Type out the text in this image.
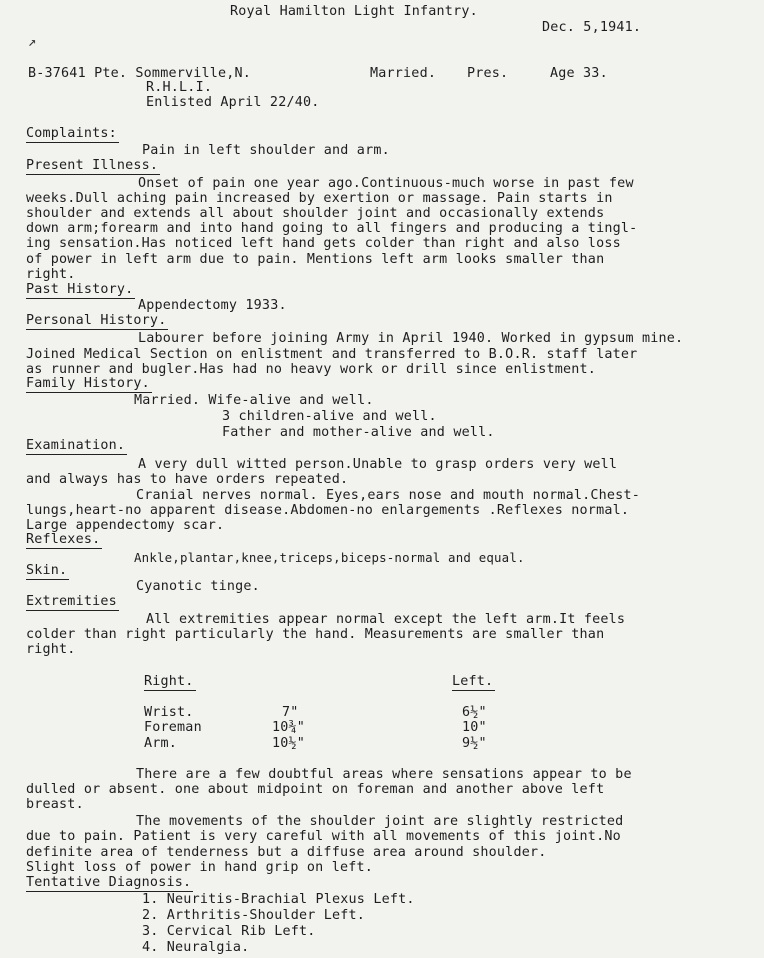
Royal Hamilton Light Infantry.
Dec. 5,1941.
↗
B-37641 Pte. Sommerville,N.	Married. Pres.	Age 33.
R.H.L.I.
Enlisted April 22/40.
Complaints:
Pain in left shoulder and arm.
Present Illness.
Onset of pain one year ago.Continuous-much worse in past few
weeks.Dull aching pain increased by exertion or massage. Pain starts in
shoulder and extends all about shoulder joint and occasionally extends
down arm;forearm and into hand going to all fingers and producing a tingl-
ing sensation.Has noticed left hand gets colder than right and also loss
of power in left arm due to pain. Mentions left arm looks smaller than
right.
Past History.
Appendectomy 1933.
Personal History.
Labourer before joining Army in April 1940. Worked in gypsum mine.
Joined Medical Section on enlistment and transferred to B.O.R. staff later
as runner and bugler.Has had no heavy work or drill since enlistment.
Family History.
Married. Wife-alive and well.
3 children-alive and well.
Father and mother-alive and well.
Examination.
A very dull witted person.Unable to grasp orders very well
and always has to have orders repeated.
Cranial nerves normal. Eyes,ears nose and mouth normal.Chest-
lungs,heart-no apparent disease.Abdomen-no enlargements .Reflexes normal.
Large appendectomy scar.
Reflexes.
Ankle,plantar,knee,triceps,biceps-normal and equal.
Skin.
Cyanotic tinge.
Extremities
All extremities appear normal except the left arm.It feels
colder than right particularly the hand. Measurements are smaller than
right.
Right.	Left.
Wrist.	7"	6½"
Foreman	10¾"	10"
Arm.	10½"	9½"
There are a few doubtful areas where sensations appear to be
dulled or absent. one about midpoint on foreman and another above left
breast.
The movements of the shoulder joint are slightly restricted
due to pain. Patient is very careful with all movements of this joint.No
definite area of tenderness but a diffuse area around shoulder.
Slight loss of power in hand grip on left.
Tentative Diagnosis.
1. Neuritis-Brachial Plexus Left.
2. Arthritis-Shoulder Left.
3. Cervical Rib Left.
4. Neuralgia.
